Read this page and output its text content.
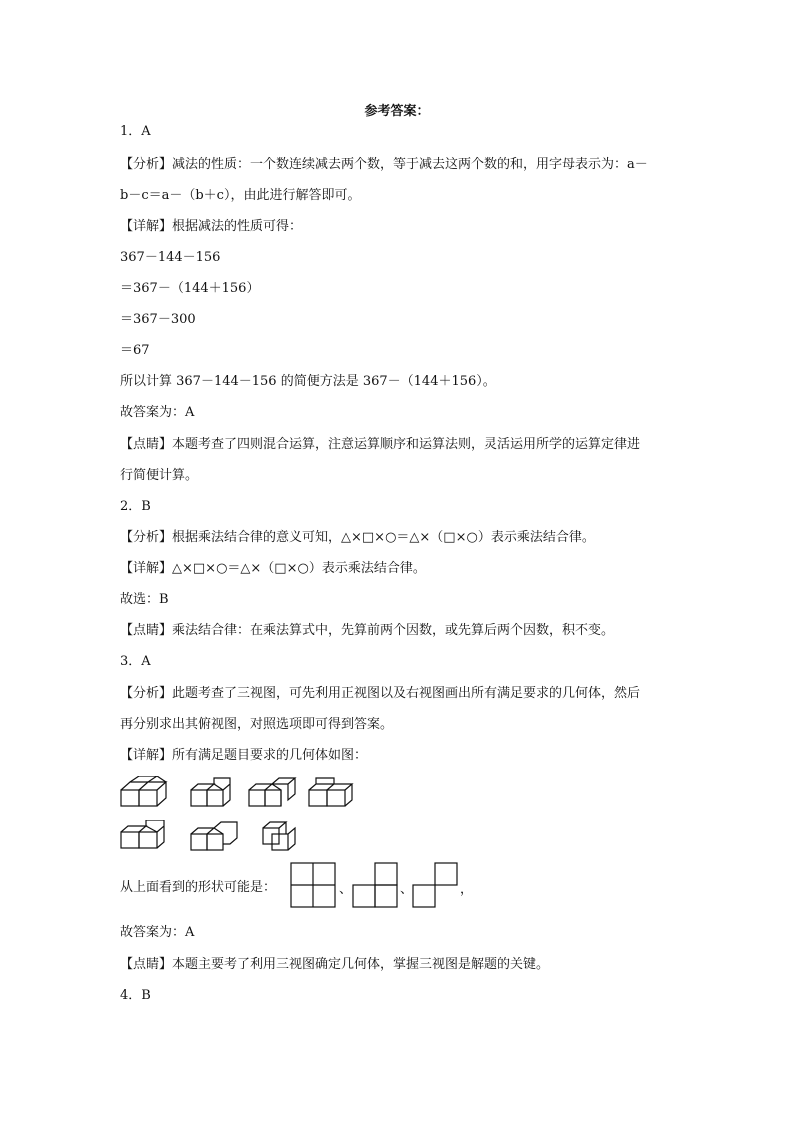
参考答案：
1．A
【分析】减法的性质：一个数连续减去两个数，等于减去这两个数的和，用字母表示为：a－
b－c＝a－（b＋c），由此进行解答即可。
【详解】根据减法的性质可得：
367－144－156
＝367－（144＋156）
＝367－300
＝67
所以计算 367－144－156 的简便方法是 367－（144＋156）。
故答案为：A
【点睛】本题考查了四则混合运算，注意运算顺序和运算法则，灵活运用所学的运算定律进
行简便计算。
2．B
【分析】根据乘法结合律的意义可知，△×□×○＝△×（□×○）表示乘法结合律。
【详解】△×□×○＝△×（□×○）表示乘法结合律。
故选：B
【点睛】乘法结合律：在乘法算式中，先算前两个因数，或先算后两个因数，积不变。
3．A
【分析】此题考查了三视图，可先利用正视图以及右视图画出所有满足要求的几何体，然后
再分别求出其俯视图，对照选项即可得到答案。
【详解】所有满足题目要求的几何体如图：
从上面看到的形状可能是：	、	、	，
故答案为：A
【点睛】本题主要考了利用三视图确定几何体，掌握三视图是解题的关键。
4．B
